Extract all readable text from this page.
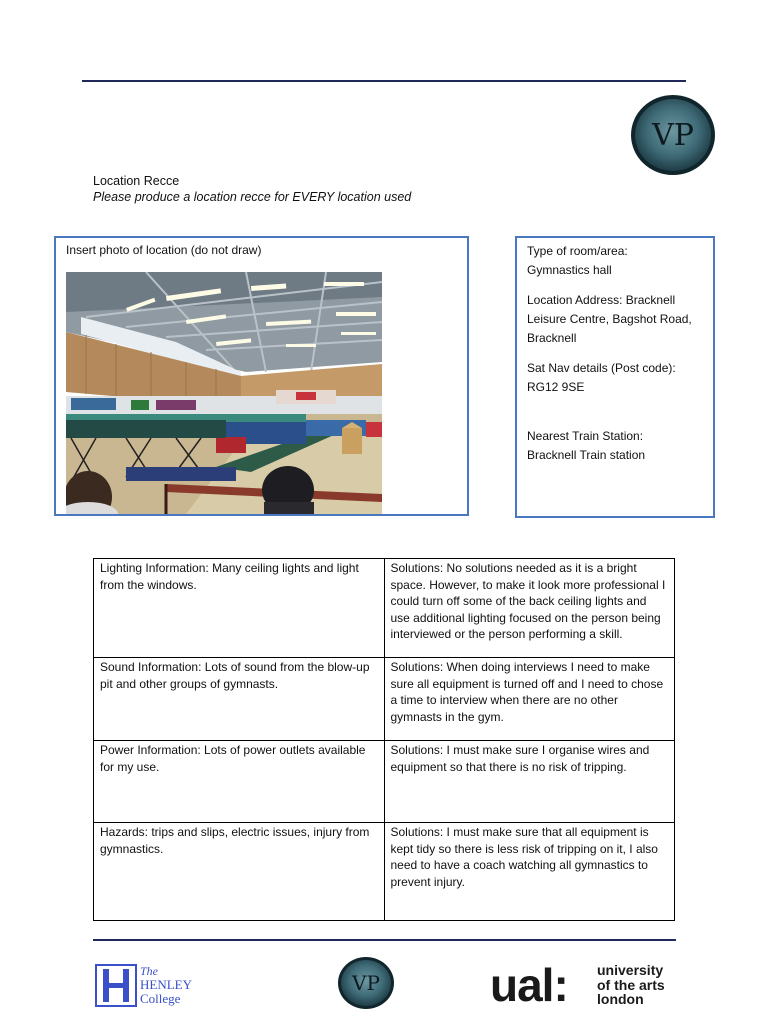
VP
Location Recce
Please produce a location recce for EVERY location used
Insert photo of location (do not draw)	Type of room/area:
Gymnastics hall

Location Address: Bracknell Leisure Centre, Bagshot Road, Bracknell

Sat Nav details (Post code):
RG12 9SE

Nearest Train Station:
Bracknell Train station

Lighting Information: Many ceiling lights and light from the windows.	Solutions: No solutions needed as it is a bright space. However, to make it look more professional I could turn off some of the back ceiling lights and use additional lighting focused on the person being interviewed or the person performing a skill.
Sound Information: Lots of sound from the blow-up pit and other groups of gymnasts.	Solutions: When doing interviews I need to make sure all equipment is turned off and I need to chose a time to interview when there are no other gymnasts in the gym.
Power Information: Lots of power outlets available for my use.	Solutions: I must make sure I organise wires and equipment so that there is no risk of tripping.
Hazards: trips and slips, electric issues, injury from gymnastics.	Solutions: I must make sure that all equipment is kept tidy so there is less risk of tripping on it, I also need to have a coach watching all gymnastics to prevent injury.
The
HENLEY
College
VP ual: university
of the arts
london
